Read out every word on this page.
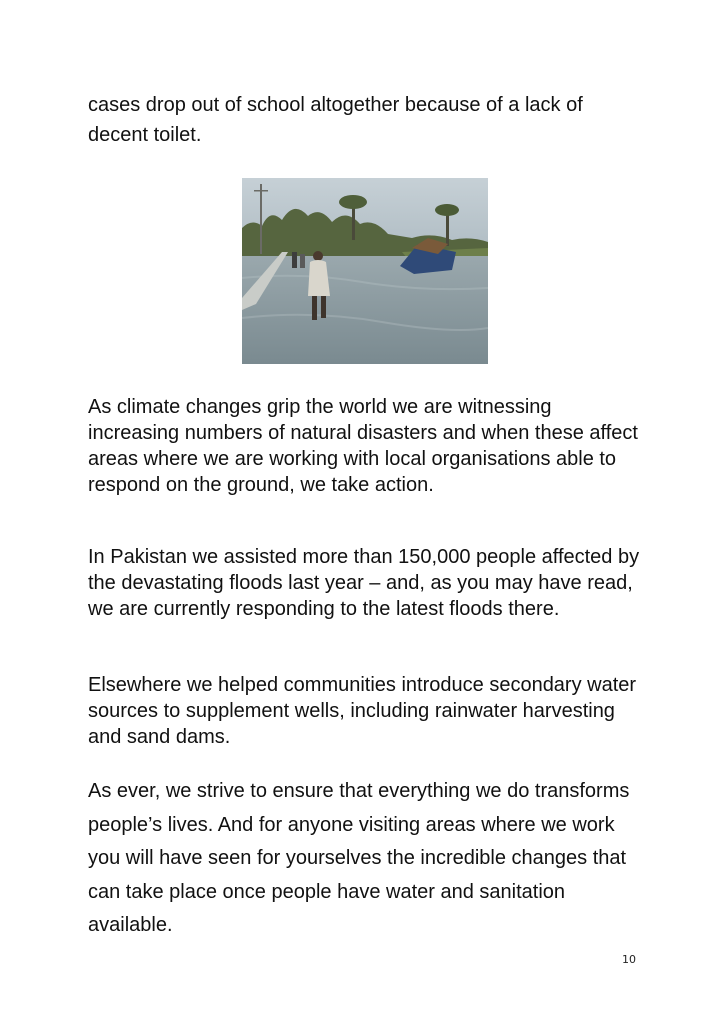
cases drop out of school altogether because of a lack of decent toilet.

As climate changes grip the world we are witnessing increasing numbers of natural disasters and when these affect areas where we are working with local organisations able to respond on the ground, we take action.

In Pakistan we assisted more than 150,000 people affected by the devastating floods last year – and, as you may have read, we are currently responding to the latest floods there.

Elsewhere we helped communities introduce secondary water sources to supplement wells, including rainwater harvesting and sand dams.

As ever, we strive to ensure that everything we do transforms people’s lives. And for anyone visiting areas where we work you will have seen for yourselves the incredible changes that can take place once people have water and sanitation available.

10
